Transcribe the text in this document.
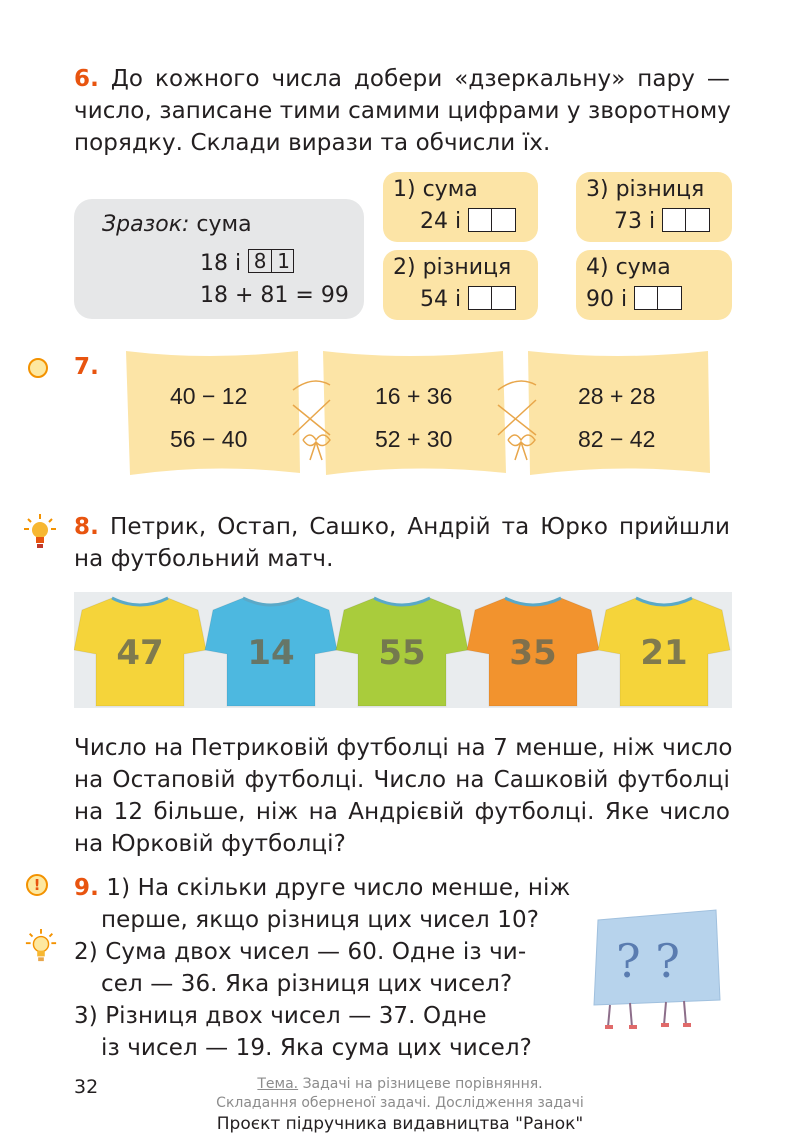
6. До кожного числа добери «дзеркальну» пару —
число, записане тими самими цифрами у зворотному
порядку. Склади вирази та обчисли їх.
Зразок: сума
18 і 8 1
18 + 81 = 99
1) сума
24 і
3) різниця
73 і
2) різниця
54 і
4) сума
90 і
7.
40 − 12
56 − 40
16 + 36
52 + 30
28 + 28
82 − 42
8. Петрик, Остап, Сашко, Андрій та Юрко прийшли
на футбольний матч.
47 14 55 35 21
Число на Петриковій футболці на 7 менше, ніж число
на Остаповій футболці. Число на Сашковій футболці
на 12 більше, ніж на Андрієвій футболці. Яке число
на Юрковій футболці?
!	9. 1) На скільки друге число менше, ніж
перше, якщо різниця цих чисел 10?
2) Сума двох чисел — 60. Одне із чи-
сел — 36. Яка різниця цих чисел?
3) Різниця двох чисел — 37. Одне
із чисел — 19. Яка сума цих чисел?
? ?
32	Тема. Задачі на різницеве порівняння.
Складання оберненої задачі. Дослідження задачі
Проєкт підручника видавництва "Ранок"
